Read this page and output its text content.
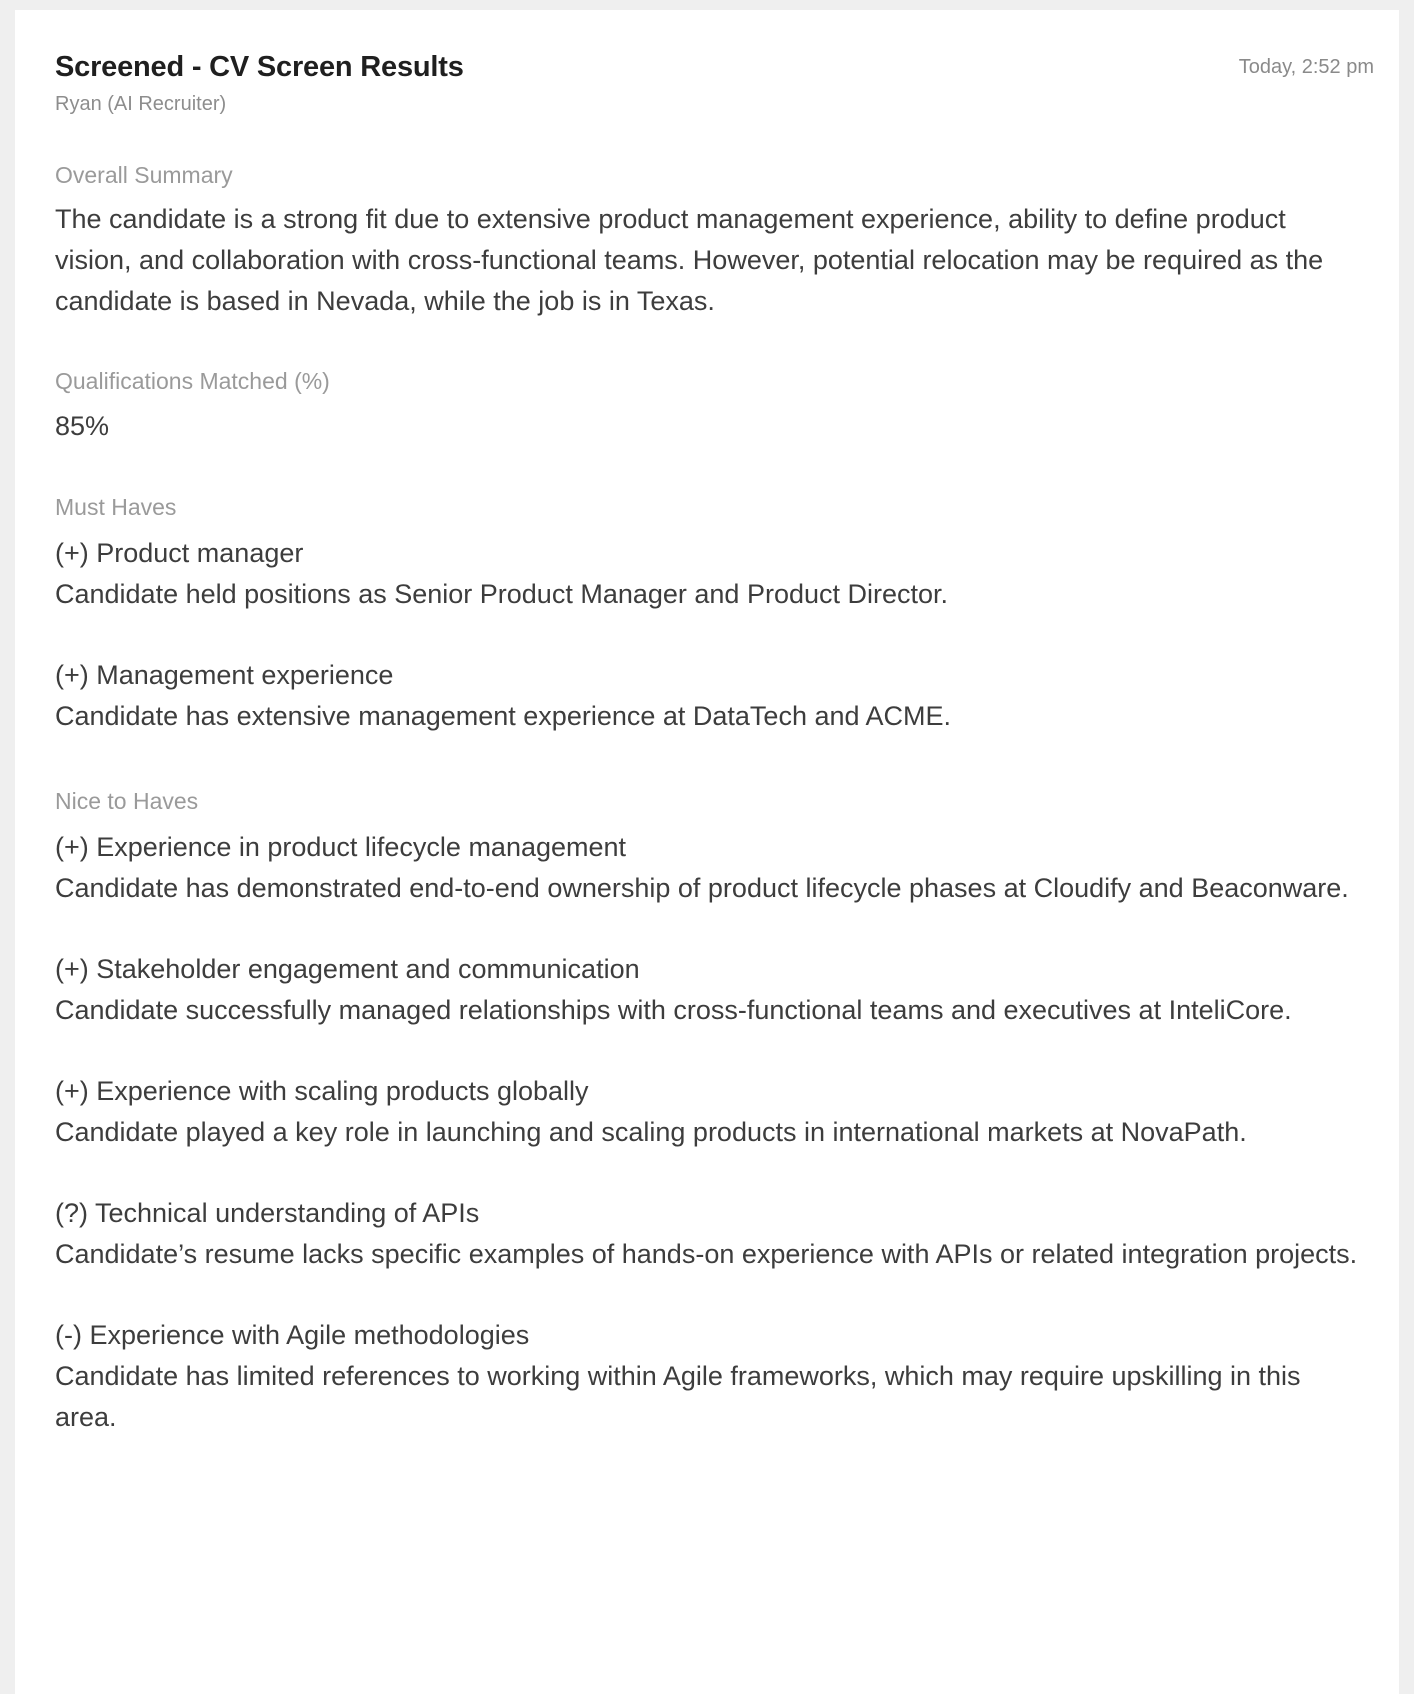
Screened - CV Screen Results	Today, 2:52 pm
Ryan (AI Recruiter)
Overall Summary
The candidate is a strong fit due to extensive product management experience, ability to define product vision, and collaboration with cross-functional teams. However, potential relocation may be required as the candidate is based in Nevada, while the job is in Texas.
Qualifications Matched (%)
85%
Must Haves
(+) Product manager
Candidate held positions as Senior Product Manager and Product Director.
(+) Management experience
Candidate has extensive management experience at DataTech and ACME.
Nice to Haves
(+) Experience in product lifecycle management
Candidate has demonstrated end-to-end ownership of product lifecycle phases at Cloudify and Beaconware.
(+) Stakeholder engagement and communication
Candidate successfully managed relationships with cross-functional teams and executives at InteliCore.
(+) Experience with scaling products globally
Candidate played a key role in launching and scaling products in international markets at NovaPath.
(?) Technical understanding of APIs
Candidate’s resume lacks specific examples of hands-on experience with APIs or related integration projects.
(-) Experience with Agile methodologies
Candidate has limited references to working within Agile frameworks, which may require upskilling in this area.
